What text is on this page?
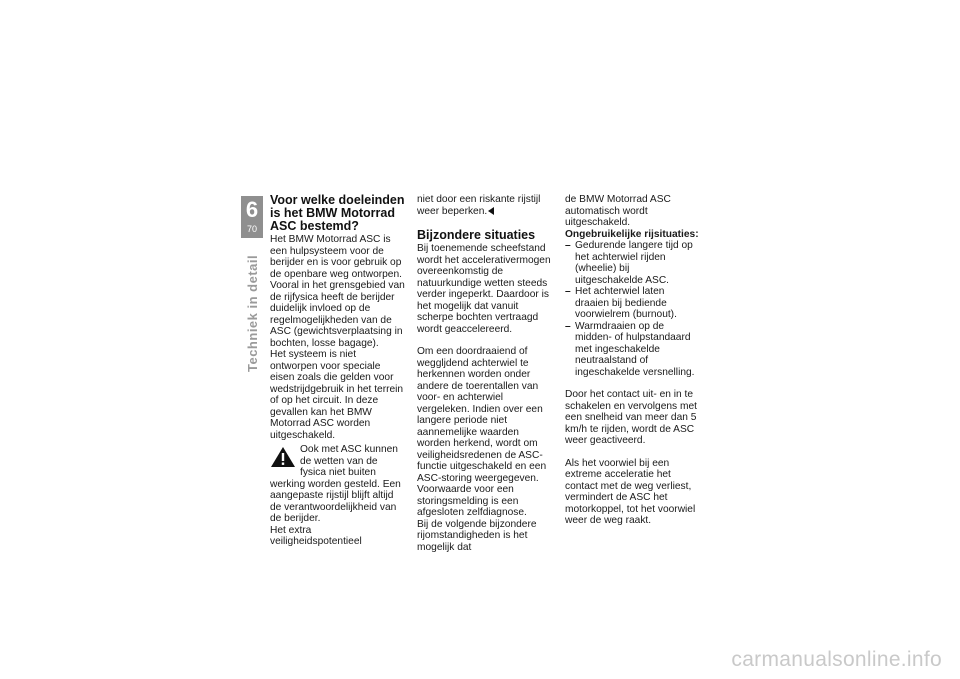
6
70
Techniek in detail
Voor welke doeleinden is het BMW Motorrad ASC bestemd?

Het BMW Motorrad ASC is een hulpsysteem voor de berijder en is voor gebruik op de openbare weg ontworpen. Vooral in het grensgebied van de rijfysica heeft de berijder duidelijk invloed op de regelmogelijkheden van de ASC (gewichtsverplaatsing in bochten, losse bagage).

Het systeem is niet ontworpen voor speciale eisen zoals die gelden voor wedstrijdgebruik in het terrein of op het circuit. In deze gevallen kan het BMW Motorrad ASC worden uitgeschakeld.

Ook met ASC kunnen de wetten van de fysica niet buiten werking worden gesteld. Een aangepaste rijstijl blijft altijd de verantwoordelijkheid van de berijder.

Het extra veiligheidspotentieel

niet door een riskante rijstijl weer beperken.

Bijzondere situaties

Bij toenemende scheefstand wordt het accelerativermogen overeenkomstig de natuurkundige wetten steeds verder ingeperkt. Daardoor is het mogelijk dat vanuit scherpe bochten vertraagd wordt geaccelereerd.

Om een doordraaiend of weggljdend achterwiel te herkennen worden onder andere de toerentallen van voor- en achterwiel vergeleken. Indien over een langere periode niet aannemelijke waarden worden herkend, wordt om veiligheidsredenen de ASC-functie uitgeschakeld en een ASC-storing weergegeven. Voorwaarde voor een storingsmelding is een afgesloten zelfdiagnose.

Bij de volgende bijzondere rijomstandigheden is het mogelijk dat

de BMW Motorrad ASC automatisch wordt uitgeschakeld.

Ongebruikelijke rijsituaties:
– Gedurende langere tijd op het achterwiel rijden (wheelie) bij uitgeschakelde ASC.
– Het achterwiel laten draaien bij bediende voorwielrem (burnout).
– Warmdraaien op de midden- of hulpstandaard met ingeschakelde neutraalstand of ingeschakelde versnelling.

Door het contact uit- en in te schakelen en vervolgens met een snelheid van meer dan 5 km/h te rijden, wordt de ASC weer geactiveerd.

Als het voorwiel bij een extreme acceleratie het contact met de weg verliest, vermindert de ASC het motorkoppel, tot het voorwiel weer de weg raakt.

carmanualsonline.info
